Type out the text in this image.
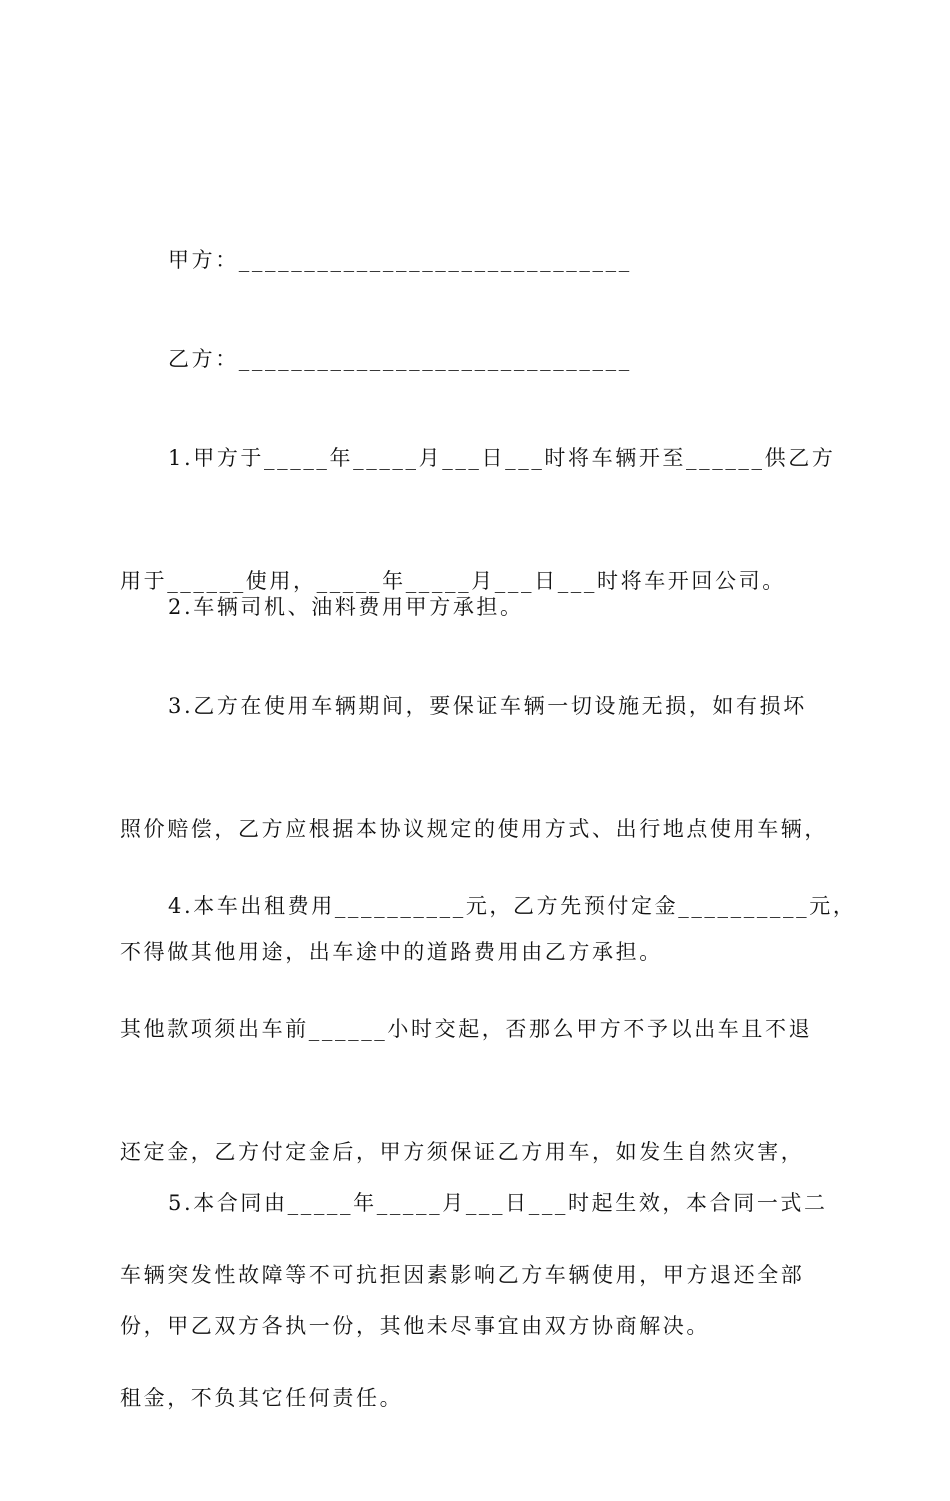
甲方：______________________________

乙方：______________________________

1.甲方于_____年_____月___日___时将车辆开至______供乙方

用于______使用，_____年_____月___日___时将车开回公司。

2.车辆司机、油料费用甲方承担。

3.乙方在使用车辆期间，要保证车辆一切设施无损，如有损坏

照价赔偿，乙方应根据本协议规定的使用方式、出行地点使用车辆，

不得做其他用途，出车途中的道路费用由乙方承担。

4.本车出租费用__________元，乙方先预付定金__________元，

其他款项须出车前______小时交起，否那么甲方不予以出车且不退

还定金，乙方付定金后，甲方须保证乙方用车，如发生自然灾害，

车辆突发性故障等不可抗拒因素影响乙方车辆使用，甲方退还全部

租金，不负其它任何责任。

5.本合同由_____年_____月___日___时起生效，本合同一式二

份，甲乙双方各执一份，其他未尽事宜由双方协商解决。
